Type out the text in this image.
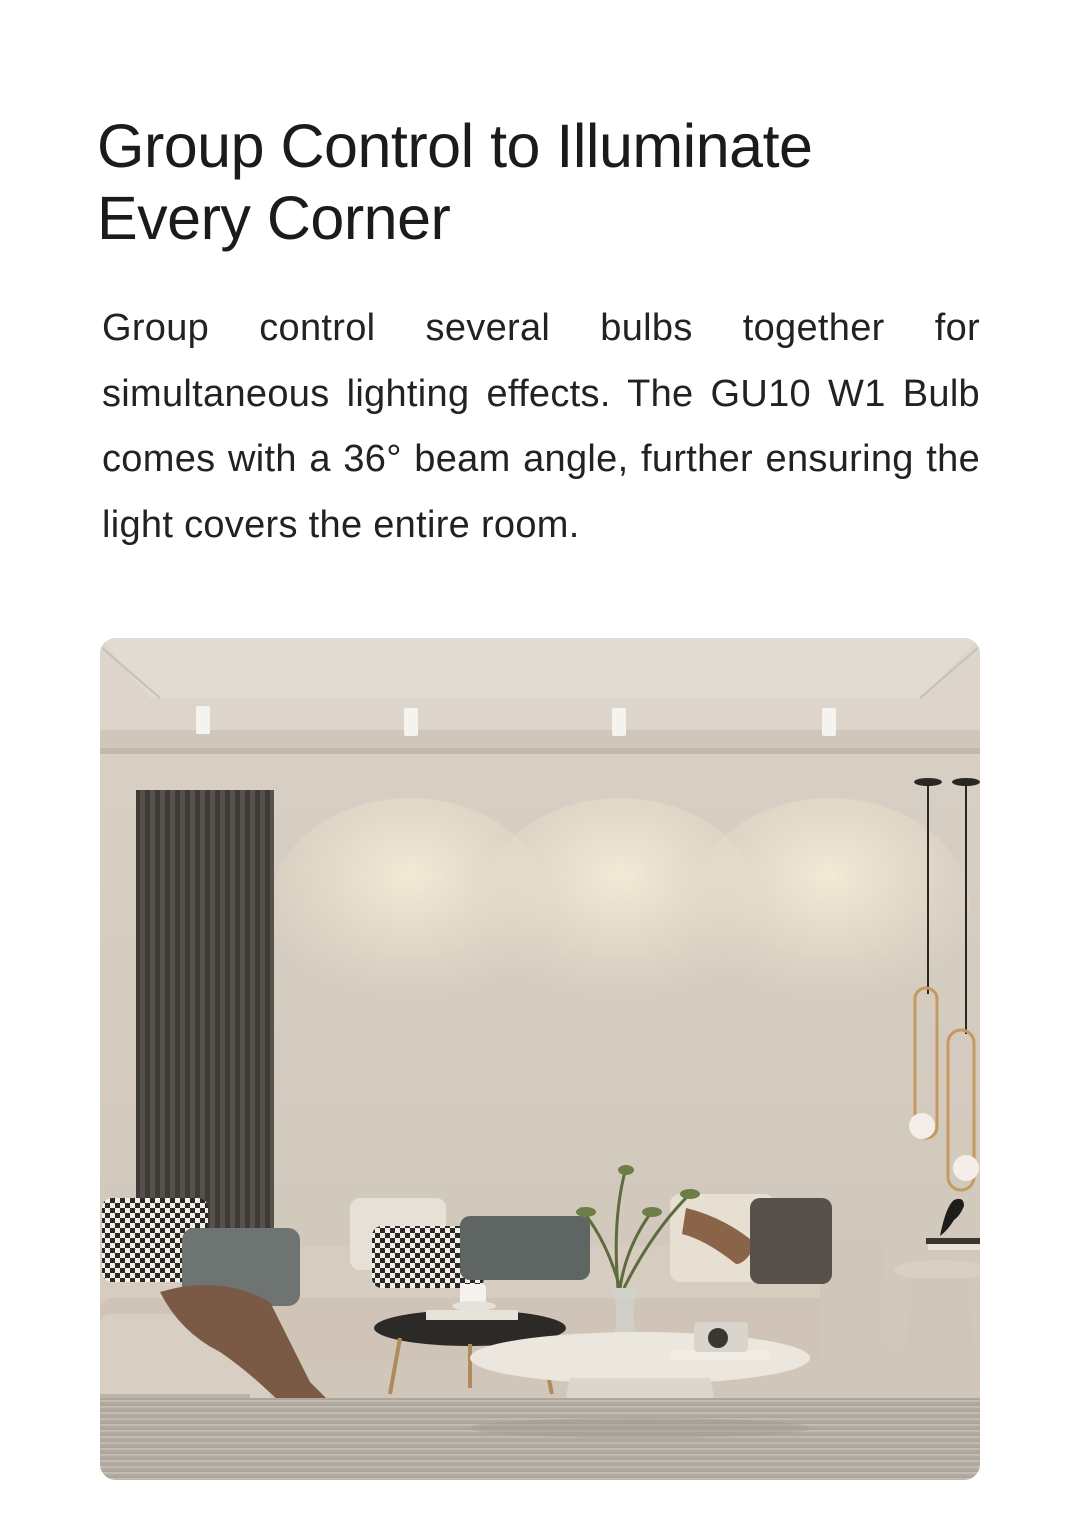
Group Control to Illuminate
Every Corner

Group control several bulbs together for simultaneous lighting effects. The GU10 W1 Bulb comes with a 36° beam angle, further ensuring the light covers the entire room.
